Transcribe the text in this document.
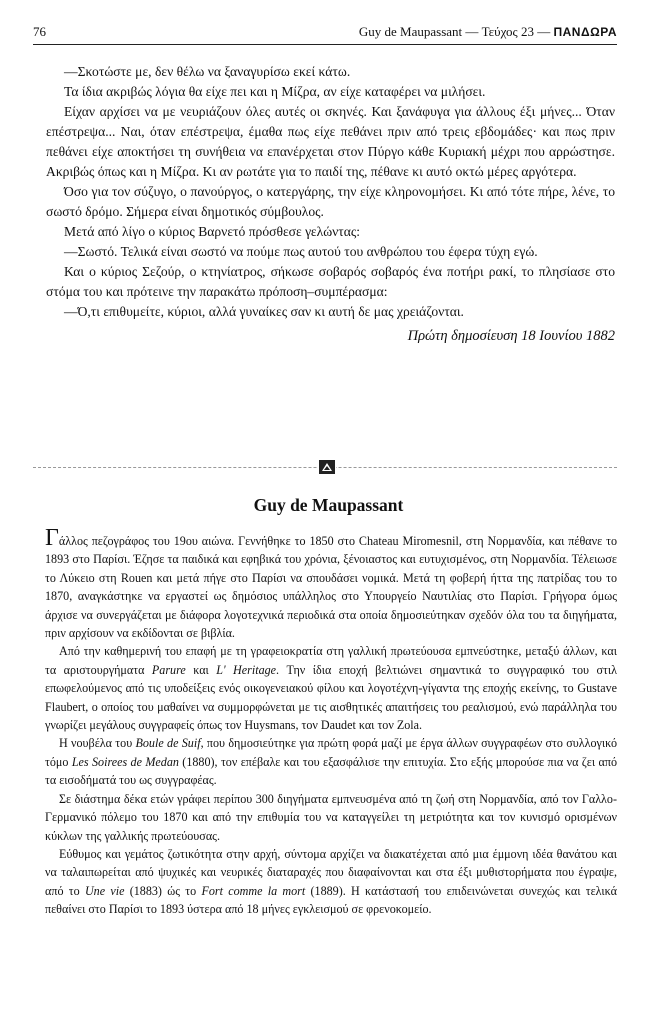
76	Guy de Maupassant — Τεύχος 23 — ΠΑΝΔΩΡΑ

—Σκοτώστε με, δεν θέλω να ξαναγυρίσω εκεί κάτω.

Τα ίδια ακριβώς λόγια θα είχε πει και η Μίζρα, αν είχε καταφέρει να μιλήσει.

Είχαν αρχίσει να με νευριάζουν όλες αυτές οι σκηνές. Και ξανάφυγα για άλλους έξι μήνες... Όταν επέστρεψα... Ναι, όταν επέστρεψα, έμαθα πως είχε πεθάνει πριν από τρεις εβδομάδες· και πως πριν πεθάνει είχε αποκτήσει τη συνήθεια να επανέρχεται στον Πύργο κάθε Κυριακή μέχρι που αρρώστησε. Ακριβώς όπως και η Μίζρα. Κι αν ρωτάτε για το παιδί της, πέθανε κι αυτό οκτώ μέρες αργότερα.

Όσο για τον σύζυγο, ο πανούργος, ο κατεργάρης, την είχε κληρονομήσει. Κι από τότε πήρε, λένε, το σωστό δρόμο. Σήμερα είναι δημοτικός σύμβουλος.

Μετά από λίγο ο κύριος Βαρνετό πρόσθεσε γελώντας:

—Σωστό. Τελικά είναι σωστό να πούμε πως αυτού του ανθρώπου του έφερα τύχη εγώ.

Και ο κύριος Σεζούρ, ο κτηνίατρος, σήκωσε σοβαρός σοβαρός ένα ποτήρι ρακί, το πλησίασε στο στόμα του και πρότεινε την παρακάτω πρόποση–συμπέρασμα:

—Ό,τι επιθυμείτε, κύριοι, αλλά γυναίκες σαν κι αυτή δε μας χρειάζονται.

Πρώτη δημοσίευση 18 Ιουνίου 1882

Guy de Maupassant

Γάλλος πεζογράφος του 19ου αιώνα. Γεννήθηκε το 1850 στο Chateau Miromesnil, στη Νορμανδία, και πέθανε το 1893 στο Παρίσι. Έζησε τα παιδικά και εφηβικά του χρόνια, ξένοιαστος και ευτυχισμένος, στη Νορμανδία. Τέλειωσε το Λύκειο στη Rouen και μετά πήγε στο Παρίσι να σπουδάσει νομικά. Μετά τη φοβερή ήττα της πατρίδας του το 1870, αναγκάστηκε να εργαστεί ως δημόσιος υπάλληλος στο Υπουργείο Ναυτιλίας στο Παρίσι. Γρήγορα όμως άρχισε να συνεργάζεται με διάφορα λογοτεχνικά περιοδικά στα οποία δημοσιεύτηκαν σχεδόν όλα του τα διηγήματα, πριν αρχίσουν να εκδίδονται σε βιβλία.

Από την καθημερινή του επαφή με τη γραφειοκρατία στη γαλλική πρωτεύουσα εμπνεύστηκε, μεταξύ άλλων, και τα αριστουργήματα Parure και L' Heritage. Την ίδια εποχή βελτιώνει σημαντικά το συγγραφικό του στιλ επωφελούμενος από τις υποδείξεις ενός οικογενειακού φίλου και λογοτέχνη-γίγαντα της εποχής εκείνης, το Gustave Flaubert, ο οποίος του μαθαίνει να συμμορφώνεται με τις αισθητικές απαιτήσεις του ρεαλισμού, ενώ παράλληλα του γνωρίζει μεγάλους συγγραφείς όπως τον Huysmans, τον Daudet και τον Zola.

Η νουβέλα του Boule de Suif, που δημοσιεύτηκε για πρώτη φορά μαζί με έργα άλλων συγγραφέων στο συλλογικό τόμο Les Soirees de Medan (1880), τον επέβαλε και του εξασφάλισε την επιτυχία. Στο εξής μπορούσε πια να ζει από τα εισοδήματά του ως συγγραφέας.

Σε διάστημα δέκα ετών γράφει περίπου 300 διηγήματα εμπνευσμένα από τη ζωή στη Νορμανδία, από τον Γαλλο-Γερμανικό πόλεμο του 1870 και από την επιθυμία του να καταγγείλει τη μετριότητα και τον κυνισμό ορισμένων κύκλων της γαλλικής πρωτεύουσας.

Εύθυμος και γεμάτος ζωτικότητα στην αρχή, σύντομα αρχίζει να διακατέχεται από μια έμμονη ιδέα θανάτου και να ταλαιπωρείται από ψυχικές και νευρικές διαταραχές που διαφαίνονται και στα έξι μυθιστορήματα που έγραψε, από το Une vie (1883) ώς το Fort comme la mort (1889). Η κατάστασή του επιδεινώνεται συνεχώς και τελικά πεθαίνει στο Παρίσι το 1893 ύστερα από 18 μήνες εγκλεισμού σε φρενοκομείο.
